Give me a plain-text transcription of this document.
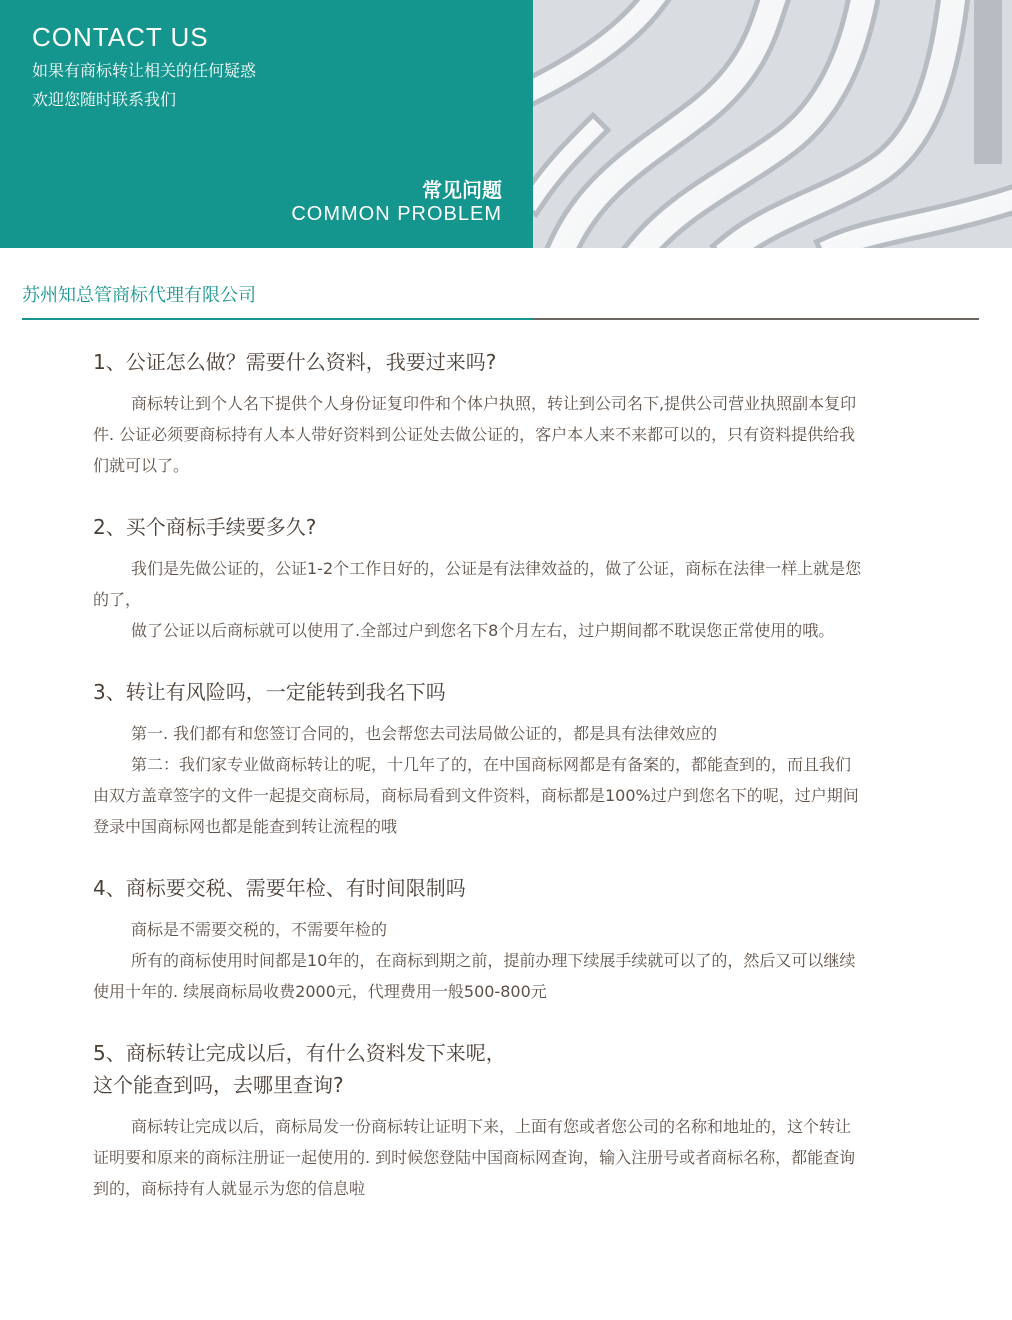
CONTACT US
如果有商标转让相关的任何疑惑
欢迎您随时联系我们
常见问题
COMMON PROBLEM
苏州知总管商标代理有限公司
1、公证怎么做？需要什么资料，我要过来吗?

商标转让到个人名下提供个人身份证复印件和个体户执照，转让到公司名下,提供公司营业执照副本复印件. 公证必须要商标持有人本人带好资料到公证处去做公证的，客户本人来不来都可以的，只有资料提供给我们就可以了。

2、买个商标手续要多久?

我们是先做公证的，公证1-2个工作日好的，公证是有法律效益的，做了公证，商标在法律一样上就是您的了，

做了公证以后商标就可以使用了.全部过户到您名下8个月左右，过户期间都不耽误您正常使用的哦。

3、转让有风险吗，一定能转到我名下吗

第一. 我们都有和您签订合同的，也会帮您去司法局做公证的，都是具有法律效应的

第二：我们家专业做商标转让的呢，十几年了的，在中国商标网都是有备案的，都能查到的，而且我们由双方盖章签字的文件一起提交商标局，商标局看到文件资料，商标都是100%过户到您名下的呢，过户期间登录中国商标网也都是能查到转让流程的哦

4、商标要交税、需要年检、有时间限制吗

商标是不需要交税的，不需要年检的

所有的商标使用时间都是10年的，在商标到期之前，提前办理下续展手续就可以了的，然后又可以继续使用十年的. 续展商标局收费2000元，代理费用一般500-800元

5、商标转让完成以后，有什么资料发下来呢，这个能查到吗，去哪里查询?

商标转让完成以后，商标局发一份商标转让证明下来，上面有您或者您公司的名称和地址的，这个转让证明要和原来的商标注册证一起使用的. 到时候您登陆中国商标网查询，输入注册号或者商标名称，都能查询到的，商标持有人就显示为您的信息啦
